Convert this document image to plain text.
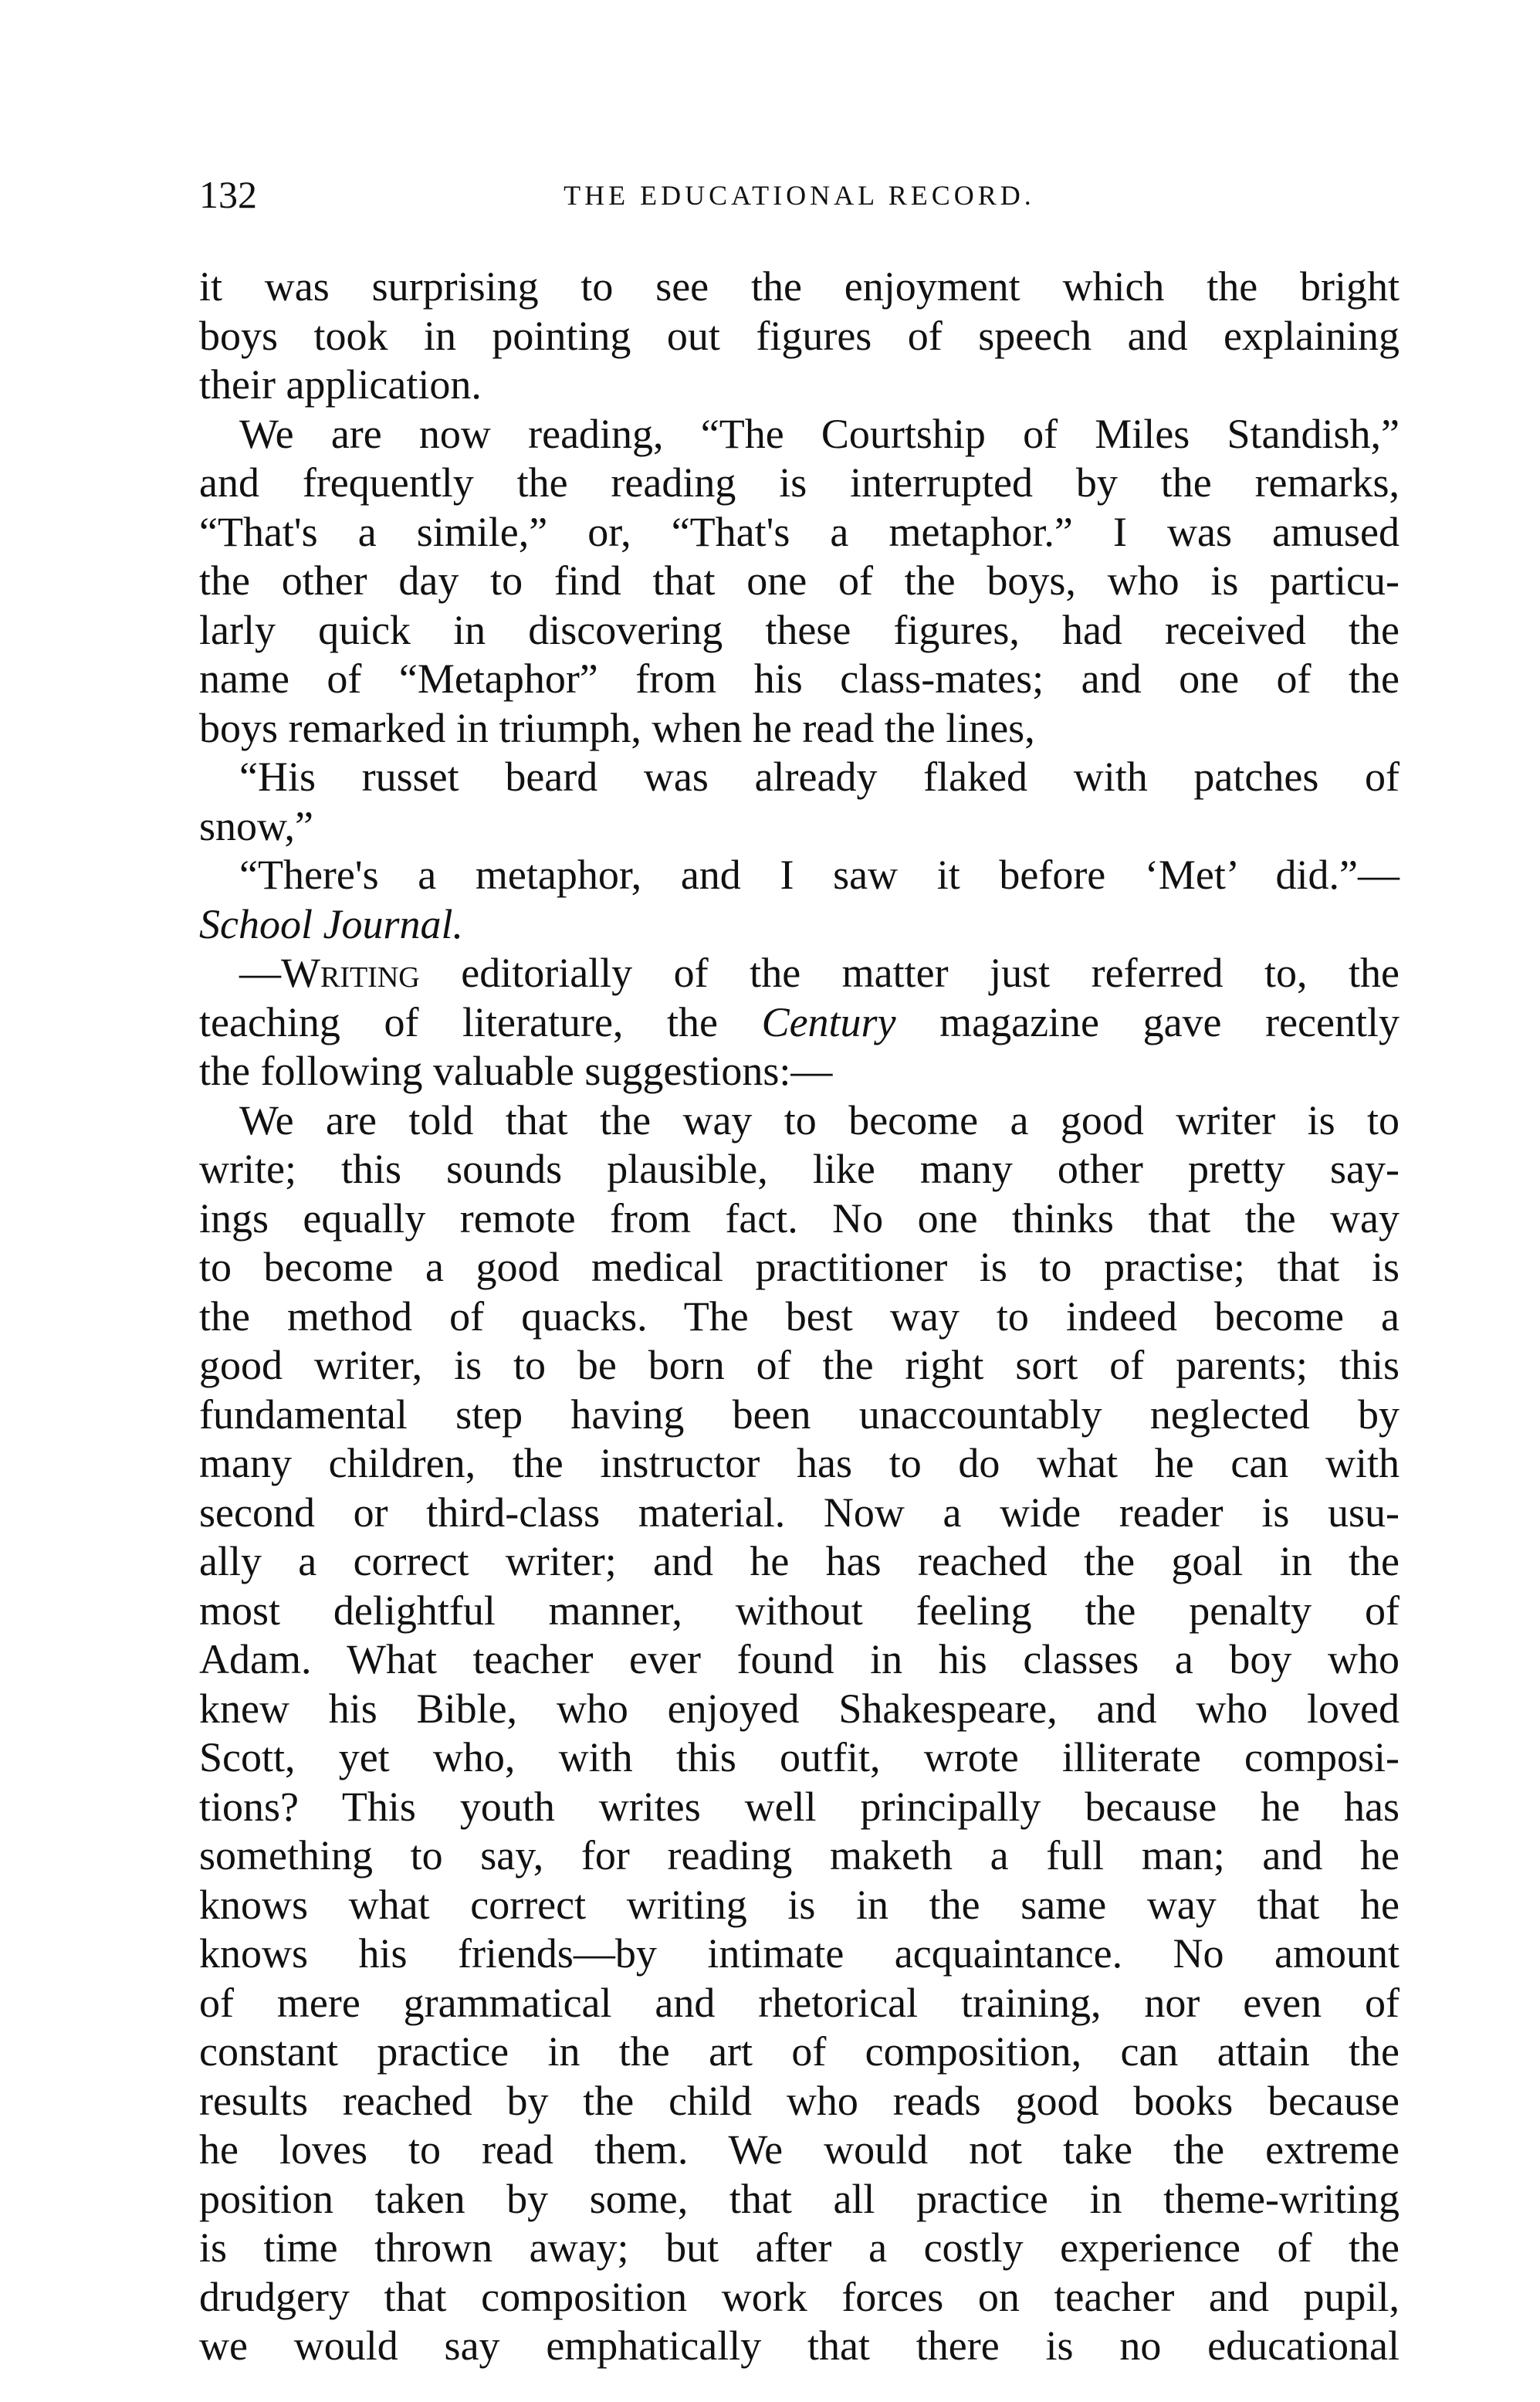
132	THE EDUCATIONAL RECORD.
it was surprising to see the enjoyment which the bright
boys took in pointing out figures of speech and explaining
their application.
We are now reading, “The Courtship of Miles Standish,”
and frequently the reading is interrupted by the remarks,
“That's a simile,” or, “That's a metaphor.” I was amused
the other day to find that one of the boys, who is particu-
larly quick in discovering these figures, had received the
name of “Metaphor” from his class-mates; and one of the
boys remarked in triumph, when he read the lines,
“His russet beard was already flaked with patches of
snow,”
“There's a metaphor, and I saw it before ‘Met’ did.”—
School Journal.
—Writing editorially of the matter just referred to, the
teaching of literature, the Century magazine gave recently
the following valuable suggestions:—
We are told that the way to become a good writer is to
write; this sounds plausible, like many other pretty say-
ings equally remote from fact. No one thinks that the way
to become a good medical practitioner is to practise; that is
the method of quacks. The best way to indeed become a
good writer, is to be born of the right sort of parents; this
fundamental step having been unaccountably neglected by
many children, the instructor has to do what he can with
second or third-class material. Now a wide reader is usu-
ally a correct writer; and he has reached the goal in the
most delightful manner, without feeling the penalty of
Adam. What teacher ever found in his classes a boy who
knew his Bible, who enjoyed Shakespeare, and who loved
Scott, yet who, with this outfit, wrote illiterate composi-
tions? This youth writes well principally because he has
something to say, for reading maketh a full man; and he
knows what correct writing is in the same way that he
knows his friends—by intimate acquaintance. No amount
of mere grammatical and rhetorical training, nor even of
constant practice in the art of composition, can attain the
results reached by the child who reads good books because
he loves to read them. We would not take the extreme
position taken by some, that all practice in theme-writing
is time thrown away; but after a costly experience of the
drudgery that composition work forces on teacher and pupil,
we would say emphatically that there is no educational
